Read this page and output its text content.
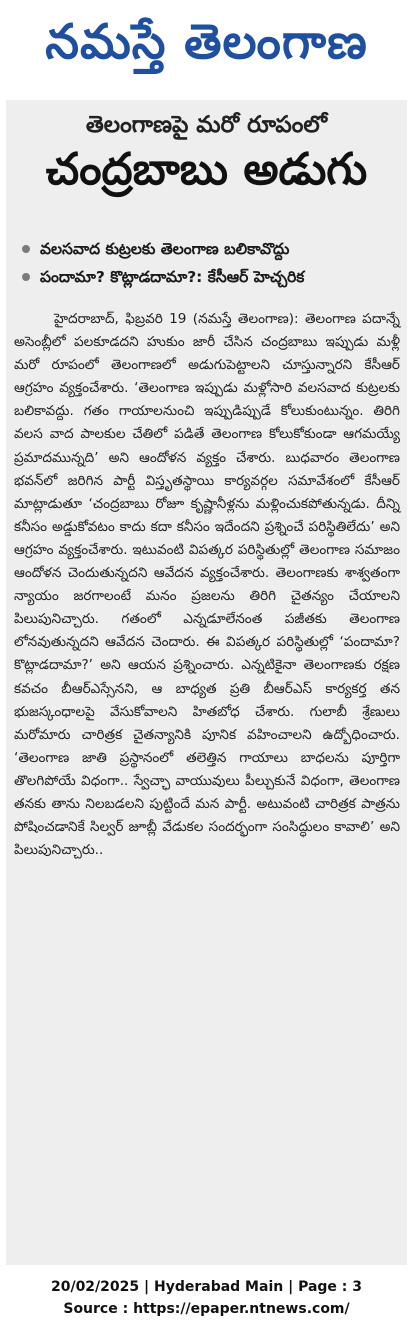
నమస్తే తెలంగాణ
తెలంగాణపై మరో రూపంలో
చంద్రబాబు అడుగు
వలసవాద కుట్రలకు తెలంగాణ బలికావొద్దు
పందామా? కొట్లాడదామా?: కేసీఆర్ హెచ్చరిక

హైదరాబాద్, ఫిబ్రవరి 19 (నమస్తే తెలంగాణ): తెలంగాణ పదాన్నే అసెంబ్లీలో పలకూడదని హుకుం జారీ చేసిన చంద్రబాబు ఇప్పుడు మళ్లీ మరో రూపంలో తెలంగాణలో అడుగుపెట్టాలని చూస్తున్నారని కేసీఆర్ ఆగ్రహం వ్యక్తంచేశారు. ‘తెలంగాణ ఇప్పుడు మళ్లోసారి వలసవాద కుట్రలకు బలికావద్దు. గతం గాయాలనుంచి ఇప్పుడిప్పుడే కోలుకుంటున్నం. తిరిగి వలస వాద పాలకుల చేతిలో పడితే తెలంగాణ కోలుకోకుండా ఆగమయ్యే ప్రమాదమున్నది’ అని ఆందోళన వ్యక్తం చేశారు. బుధవారం తెలంగాణ భవన్‌లో జరిగిన పార్టీ విస్తృతస్థాయి కార్యవర్గల సమావేశంలో కేసీఆర్ మాట్లాడుతూ ‘చంద్రబాబు రోజూ కృష్ణానీళ్లను మళ్లించుకపోతున్నడు. దీన్ని కనీసం అడ్డుకోవటం కాదు కదా కనీసం ఇదేందని ప్రశ్నించే పరిస్థితిలేదు’ అని ఆగ్రహం వ్యక్తంచేశారు. ఇటువంటి విపత్కర పరిస్థితుల్లో తెలంగాణ సమాజం ఆందోళన చెందుతున్నదని ఆవేదన వ్యక్తంచేశారు. తెలంగాణకు శాశ్వతంగా న్యాయం జరగాలంటే మనం ప్రజలను తిరిగి చైతన్యం చేయాలని పిలుపునిచ్చారు. గతంలో ఎన్నడూలేనంత పజీతకు తెలంగాణ లోనవుతున్నదని ఆవేదన చెందారు. ఈ విపత్కర పరిస్థితుల్లో ‘పందామా? కొట్లాడదామా?’ అని ఆయన ప్రశ్నించారు. ఎన్నటికైనా తెలంగాణకు రక్షణ కవచం బీఆర్‌ఎస్సేనని, ఆ బాధ్యత ప్రతి బీఆర్‌ఎస్ కార్యకర్త తన భుజస్కంధాలపై వేసుకోవాలని హితబోధ చేశారు. గులాబీ శ్రేణులు మరోమారు చారిత్రక చైతన్యానికి పూనిక వహించాలని ఉద్బోధించారు. ‘తెలంగాణ జాతి ప్రస్థానంలో తలెత్తిన గాయాలు బాధలను పూర్తిగా తొలగిపోయే విధంగా.. స్వేచ్ఛా వాయువులు పీల్చుకునే విధంగా, తెలంగాణ తనకు తాను నిలబడలని పుట్టిందే మన పార్టీ. అటువంటి చారిత్రక పాత్రను పోషించడానికే సిల్వర్ జూబ్లీ వేడుకల సందర్భంగా సంసిద్ధులం కావాలి’ అని పిలుపునిచ్చారు..

20/02/2025 | Hyderabad Main | Page : 3
Source : https://epaper.ntnews.com/
